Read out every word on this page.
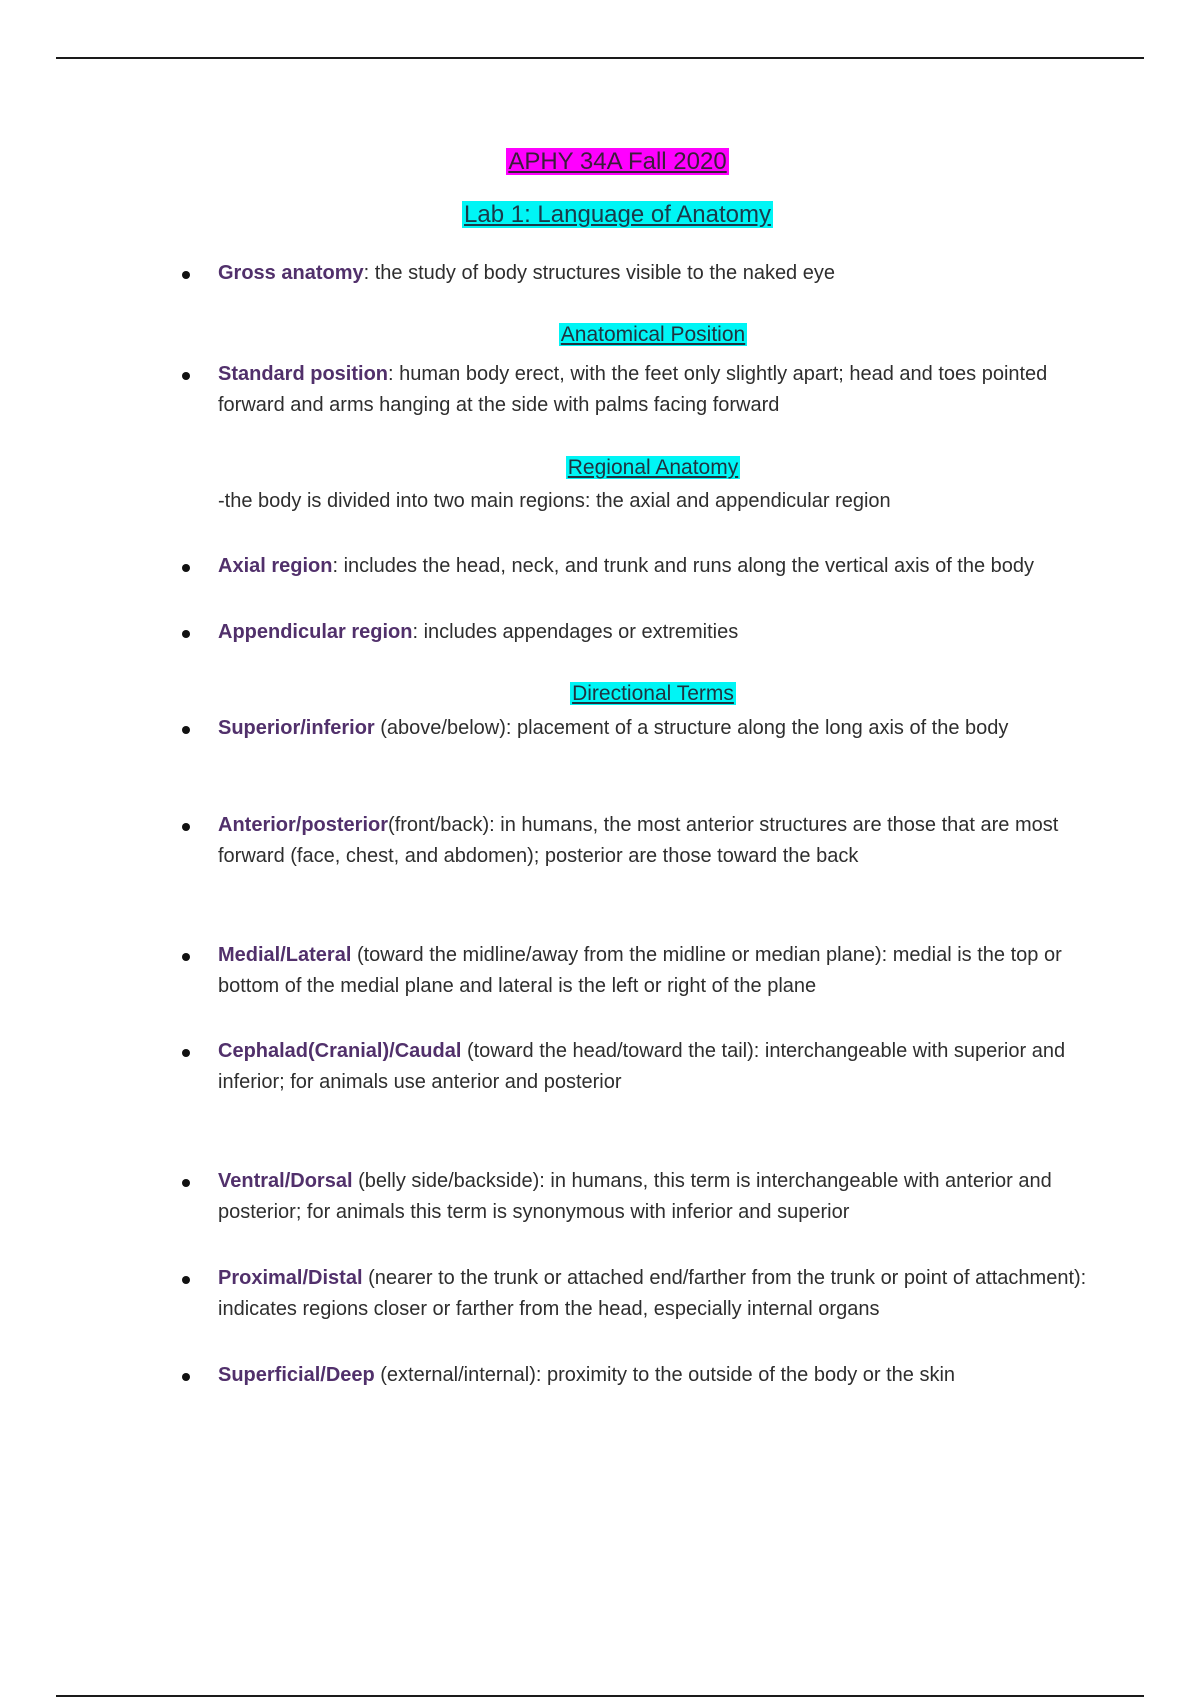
APHY 34A Fall 2020
Lab 1: Language of Anatomy
Gross anatomy: the study of body structures visible to the naked eye
Anatomical Position
Standard position: human body erect, with the feet only slightly apart; head and toes pointed forward and arms hanging at the side with palms facing forward
Regional Anatomy
-the body is divided into two main regions: the axial and appendicular region
Axial region: includes the head, neck, and trunk and runs along the vertical axis of the body
Appendicular region: includes appendages or extremities
Directional Terms
Superior/inferior (above/below): placement of a structure along the long axis of the body
Anterior/posterior(front/back): in humans, the most anterior structures are those that are most forward (face, chest, and abdomen); posterior are those toward the back
Medial/Lateral (toward the midline/away from the midline or median plane): medial is the top or bottom of the medial plane and lateral is the left or right of the plane
Cephalad(Cranial)/Caudal (toward the head/toward the tail): interchangeable with superior and inferior; for animals use anterior and posterior
Ventral/Dorsal (belly side/backside): in humans, this term is interchangeable with anterior and posterior; for animals this term is synonymous with inferior and superior
Proximal/Distal (nearer to the trunk or attached end/farther from the trunk or point of attachment): indicates regions closer or farther from the head, especially internal organs
Superficial/Deep (external/internal): proximity to the outside of the body or the skin
